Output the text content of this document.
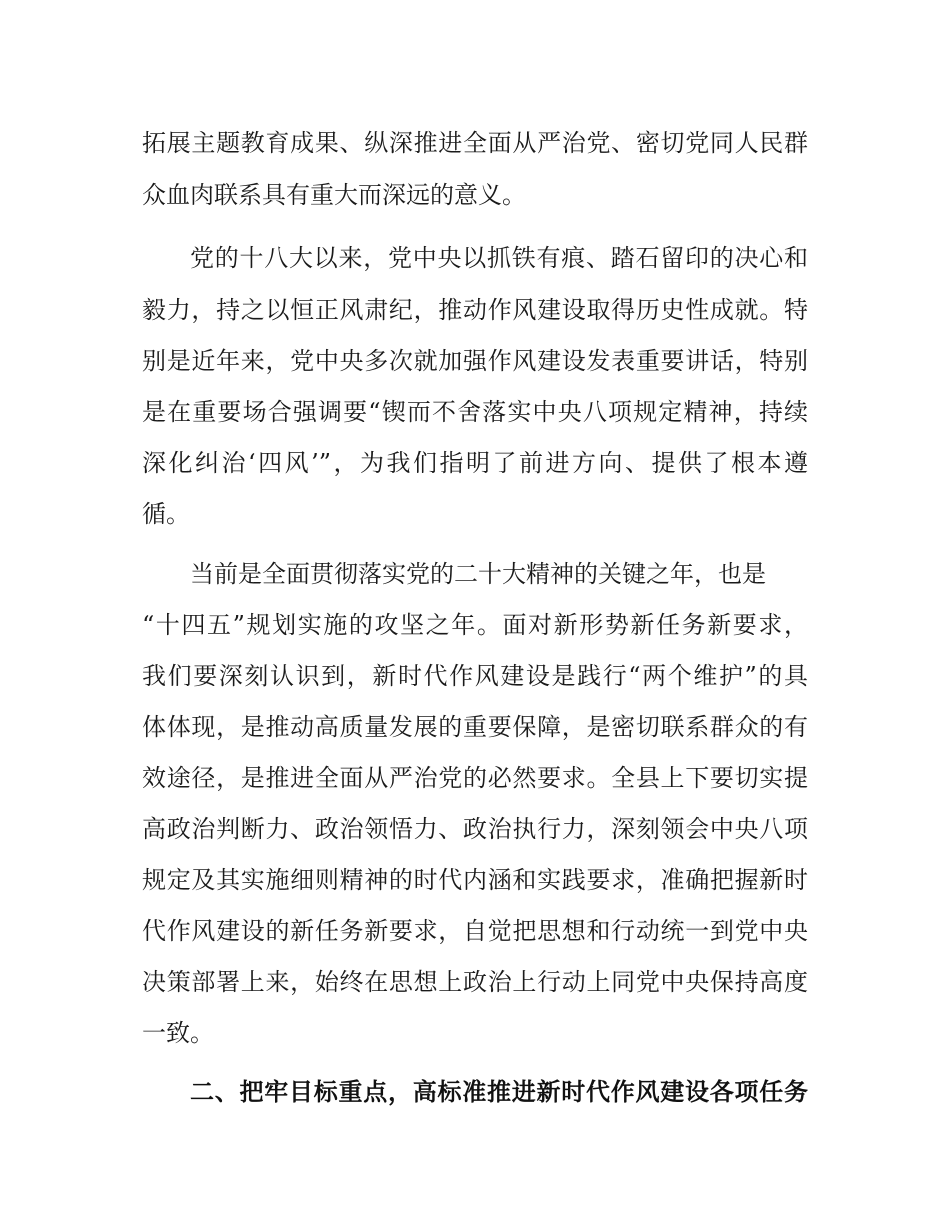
拓展主题教育成果、纵深推进全面从严治党、密切党同人民群
众血肉联系具有重大而深远的意义。
党的十八大以来，党中央以抓铁有痕、踏石留印的决心和
毅力，持之以恒正风肃纪，推动作风建设取得历史性成就。特
别是近年来，党中央多次就加强作风建设发表重要讲话，特别
是在重要场合强调要“锲而不舍落实中央八项规定精神，持续
深化纠治‘四风’”，为我们指明了前进方向、提供了根本遵
循。
当前是全面贯彻落实党的二十大精神的关键之年，也是
“十四五”规划实施的攻坚之年。面对新形势新任务新要求，
我们要深刻认识到，新时代作风建设是践行“两个维护”的具
体体现，是推动高质量发展的重要保障，是密切联系群众的有
效途径，是推进全面从严治党的必然要求。全县上下要切实提
高政治判断力、政治领悟力、政治执行力，深刻领会中央八项
规定及其实施细则精神的时代内涵和实践要求，准确把握新时
代作风建设的新任务新要求，自觉把思想和行动统一到党中央
决策部署上来，始终在思想上政治上行动上同党中央保持高度
一致。
二、把牢目标重点，高标准推进新时代作风建设各项任务
